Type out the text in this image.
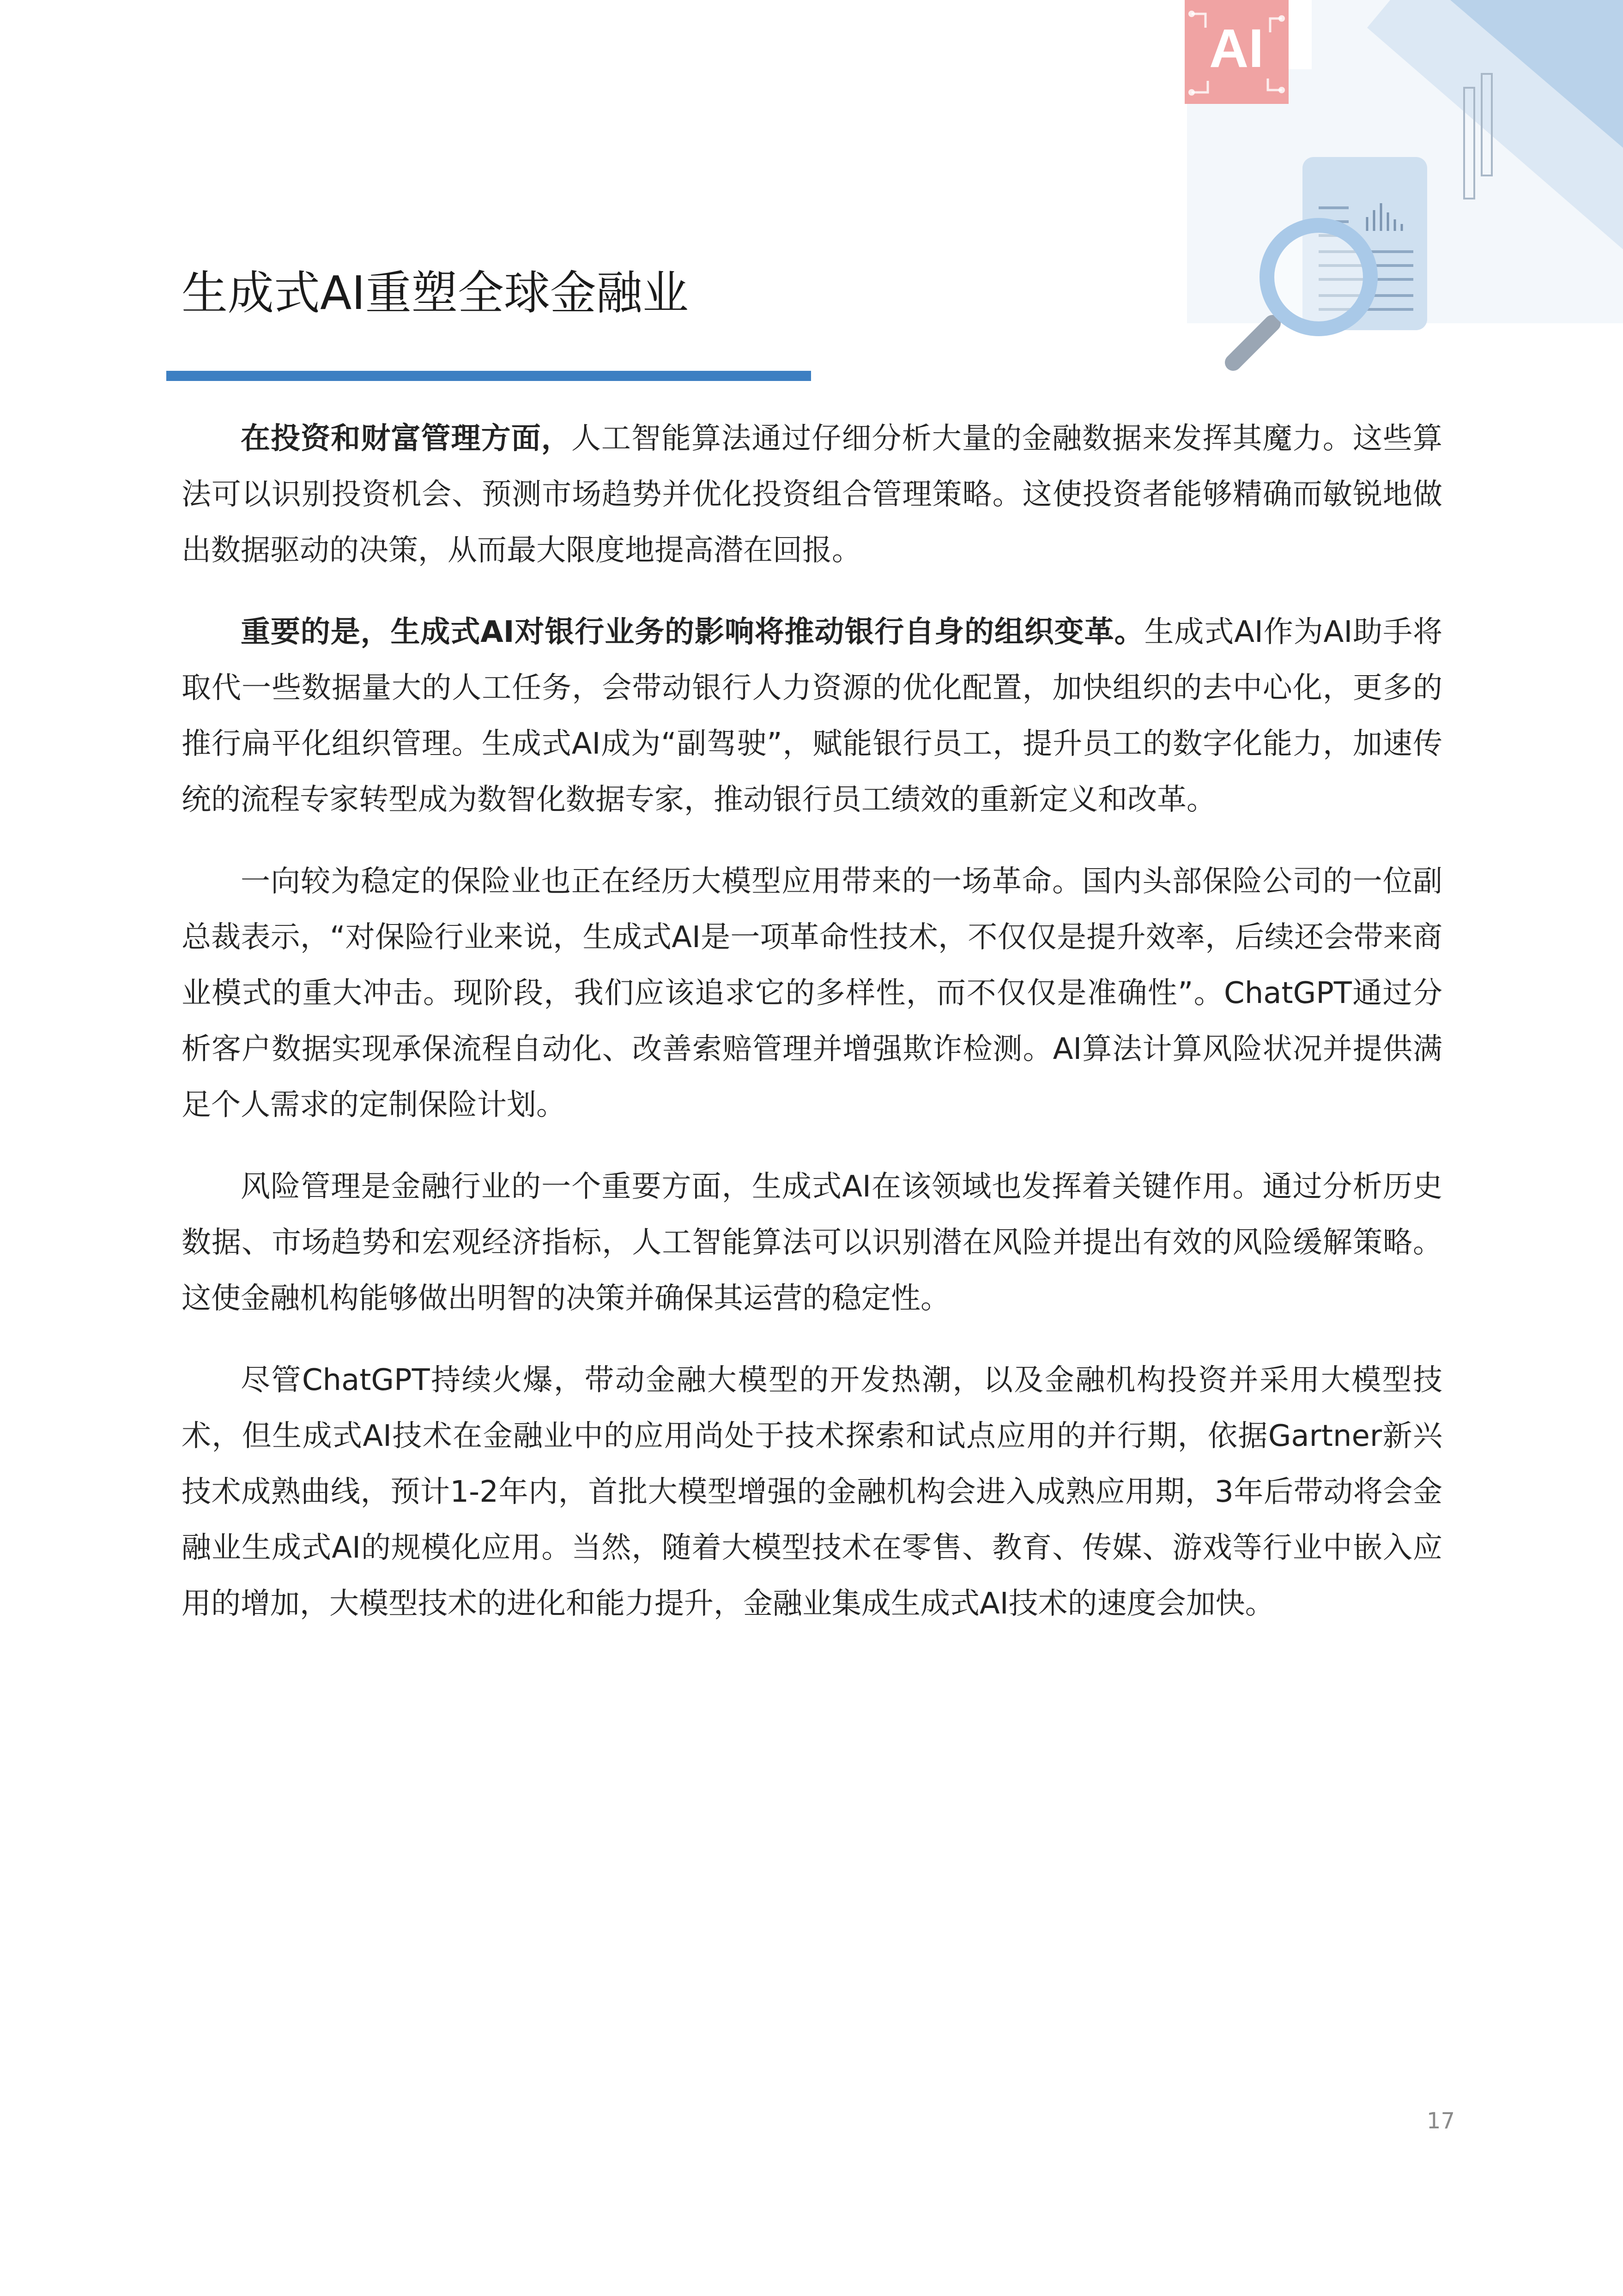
AI
生成式AI重塑全球金融业

在投资和财富管理方面，人工智能算法通过仔细分析大量的金融数据来发挥其魔力。这些算法可以识别投资机会、预测市场趋势并优化投资组合管理策略。这使投资者能够精确而敏锐地做出数据驱动的决策，从而最大限度地提高潜在回报。

重要的是，生成式AI对银行业务的影响将推动银行自身的组织变革。生成式AI作为AI助手将取代一些数据量大的人工任务，会带动银行人力资源的优化配置，加快组织的去中心化，更多的推行扁平化组织管理。生成式AI成为“副驾驶”，赋能银行员工，提升员工的数字化能力，加速传统的流程专家转型成为数智化数据专家，推动银行员工绩效的重新定义和改革。

一向较为稳定的保险业也正在经历大模型应用带来的一场革命。国内头部保险公司的一位副总裁表示，“对保险行业来说，生成式AI是一项革命性技术，不仅仅是提升效率，后续还会带来商业模式的重大冲击。现阶段，我们应该追求它的多样性，而不仅仅是准确性”。ChatGPT通过分析客户数据实现承保流程自动化、改善索赔管理并增强欺诈检测。AI算法计算风险状况并提供满足个人需求的定制保险计划。

风险管理是金融行业的一个重要方面，生成式AI在该领域也发挥着关键作用。通过分析历史数据、市场趋势和宏观经济指标，人工智能算法可以识别潜在风险并提出有效的风险缓解策略。这使金融机构能够做出明智的决策并确保其运营的稳定性。

尽管ChatGPT持续火爆，带动金融大模型的开发热潮，以及金融机构投资并采用大模型技术，但生成式AI技术在金融业中的应用尚处于技术探索和试点应用的并行期，依据Gartner新兴技术成熟曲线，预计1-2年内，首批大模型增强的金融机构会进入成熟应用期，3年后带动将会金融业生成式AI的规模化应用。当然，随着大模型技术在零售、教育、传媒、游戏等行业中嵌入应用的增加，大模型技术的进化和能力提升，金融业集成生成式AI技术的速度会加快。

17
